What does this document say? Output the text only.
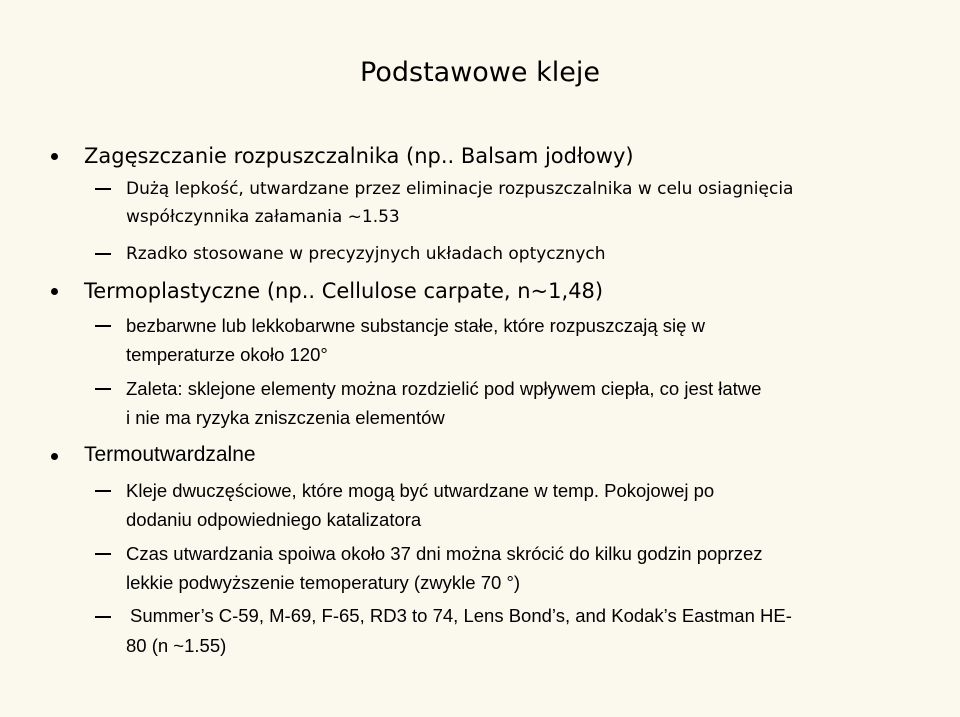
Podstawowe kleje
Zagęszczanie rozpuszczalnika (np.. Balsam jodłowy)
Dużą lepkość, utwardzane przez eliminacje rozpuszczalnika w celu osiagnięcia
współczynnika załamania ~1.53
Rzadko stosowane w precyzyjnych układach optycznych
Termoplastyczne (np.. Cellulose carpate, n~1,48)
bezbarwne lub lekkobarwne substancje stałe, które rozpuszczają się w
temperaturze około 120°
Zaleta: sklejone elementy można rozdzielić pod wpływem ciepła, co jest łatwe
i nie ma ryzyka zniszczenia elementów
Termoutwardzalne
Kleje dwuczęściowe, które mogą być utwardzane w temp. Pokojowej po
dodaniu odpowiedniego katalizatora
Czas utwardzania spoiwa około 37 dni można skrócić do kilku godzin poprzez
lekkie podwyższenie temoperatury (zwykle 70 °)
Summer’s C-59, M-69, F-65, RD3 to 74, Lens Bond’s, and Kodak’s Eastman HE-
80 (n ~1.55)
